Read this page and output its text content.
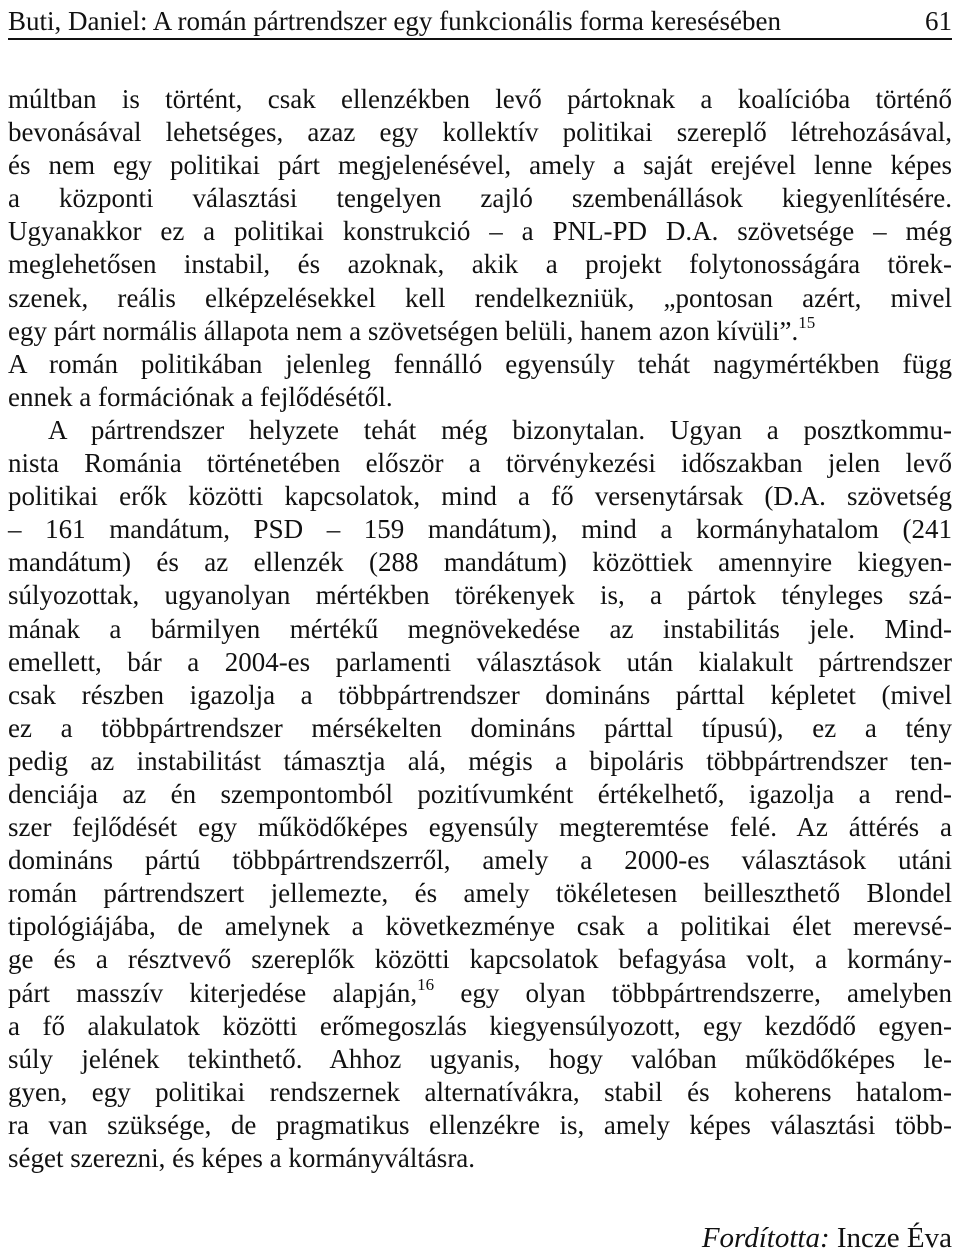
Buti, Daniel: A román pártrendszer egy funkcionális forma keresésében	61
múltban is történt, csak ellenzékben levő pártoknak a koalícióba történő
bevonásával lehetséges, azaz egy kollektív politikai szereplő létrehozásával,
és nem egy politikai párt megjelenésével, amely a saját erejével lenne képes
a központi választási tengelyen zajló szembenállások kiegyenlítésére.
Ugyanakkor ez a politikai konstrukció – a PNL-PD D.A. szövetsége – még
meglehetősen instabil, és azoknak, akik a projekt folytonosságára törek-
szenek, reális elképzelésekkel kell rendelkezniük, „pontosan azért, mivel
egy párt normális állapota nem a szövetségen belüli, hanem azon kívüli”.$^{15}$
A román politikában jelenleg fennálló egyensúly tehát nagymértékben függ
ennek a formációnak a fejlődésétől.
A pártrendszer helyzete tehát még bizonytalan. Ugyan a posztkommu-
nista Románia történetében először a törvénykezési időszakban jelen levő
politikai erők közötti kapcsolatok, mind a fő versenytársak (D.A. szövetség
– 161 mandátum, PSD – 159 mandátum), mind a kormányhatalom (241
mandátum) és az ellenzék (288 mandátum) közöttiek amennyire kiegyen-
súlyozottak, ugyanolyan mértékben törékenyek is, a pártok tényleges szá-
mának a bármilyen mértékű megnövekedése az instabilitás jele. Mind-
emellett, bár a 2004-es parlamenti választások után kialakult pártrendszer
csak részben igazolja a többpártrendszer domináns párttal képletet (mivel
ez a többpártrendszer mérsékelten domináns párttal típusú), ez a tény
pedig az instabilitást támasztja alá, mégis a bipoláris többpártrendszer ten-
denciája az én szempontomból pozitívumként értékelhető, igazolja a rend-
szer fejlődését egy működőképes egyensúly megteremtése felé. Az áttérés a
domináns pártú többpártrendszerről, amely a 2000-es választások utáni
román pártrendszert jellemezte, és amely tökéletesen beilleszthető Blondel
tipológiájába, de amelynek a következménye csak a politikai élet merevsé-
ge és a résztvevő szereplők közötti kapcsolatok befagyása volt, a kormány-
párt masszív kiterjedése alapján,$^{16}$ egy olyan többpártrendszerre, amelyben
a fő alakulatok közötti erőmegoszlás kiegyensúlyozott, egy kezdődő egyen-
súly jelének tekinthető. Ahhoz ugyanis, hogy valóban működőképes le-
gyen, egy politikai rendszernek alternatívákra, stabil és koherens hatalom-
ra van szüksége, de pragmatikus ellenzékre is, amely képes választási több-
séget szerezni, és képes a kormányváltásra.
Fordította: Incze Éva
